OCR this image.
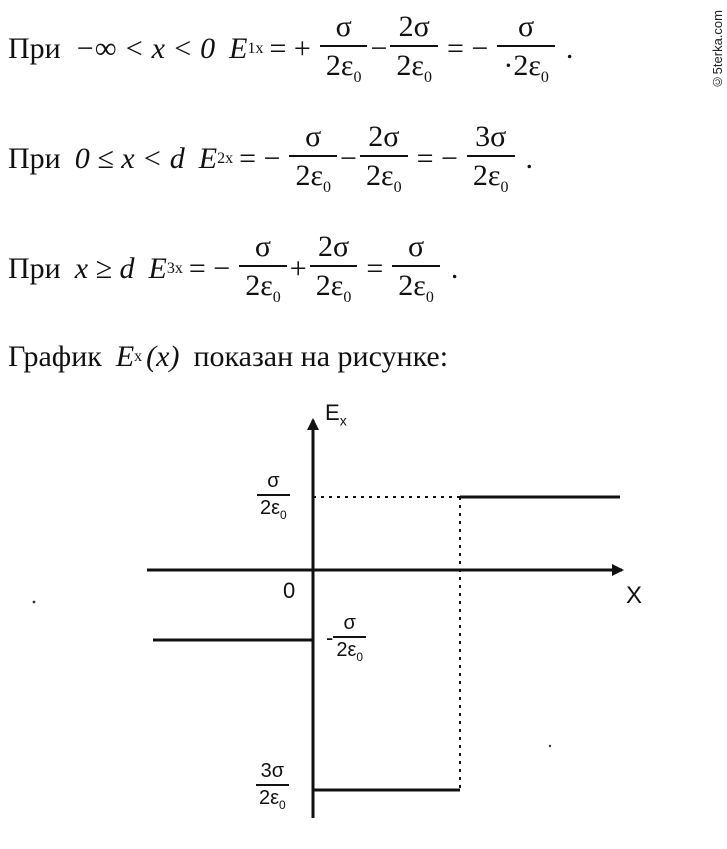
©5terka.com
При −∞ < x < 0 E 1x = + $\frac{\sigma}{2\varepsilon_0} - \frac{2\sigma}{2\varepsilon_0}$ = − $\frac{\sigma}{\cdot 2\varepsilon_0}$ .
При 0 ≤ x < d E 2x = − $\frac{\sigma}{2\varepsilon_0} - \frac{2\sigma}{2\varepsilon_0}$ = − $\frac{3\sigma}{2\varepsilon_0}$ .
При x ≥ d E 3x = − $\frac{\sigma}{2\varepsilon_0} + \frac{2\sigma}{2\varepsilon_0} = \frac{\sigma}{2\varepsilon_0}$ .
График E x (x) показан на рисунке:
$E_x$
X
0
$\frac{\sigma}{2\varepsilon_0}$
- $\frac{\sigma}{2\varepsilon_0}$
$\frac{3\sigma}{2\varepsilon_0}$
